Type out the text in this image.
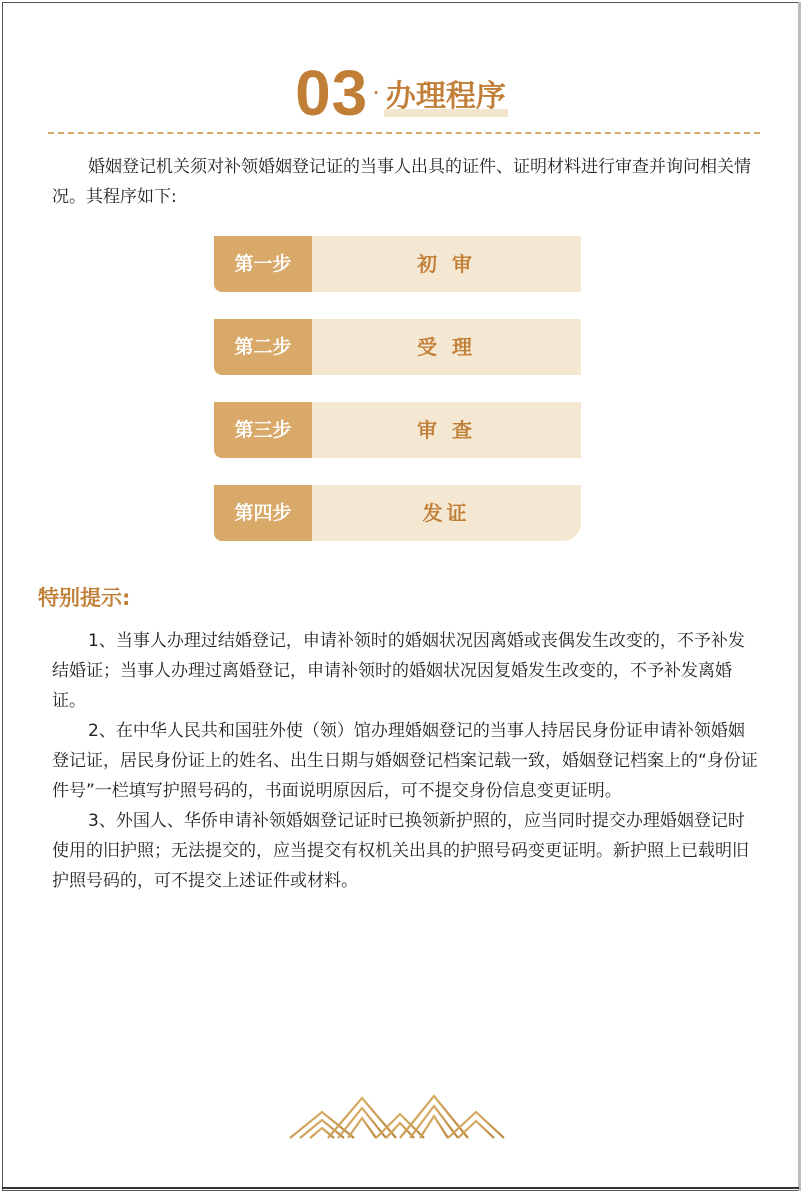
03 · 办理程序

婚姻登记机关须对补领婚姻登记证的当事人出具的证件、证明材料进行审查并询问相关情况。其程序如下:

第一步	初 审
第二步	受 理
第三步	审 查
第四步	发证
特别提示:

1、当事人办理过结婚登记，申请补领时的婚姻状况因离婚或丧偶发生改变的，不予补发结婚证；当事人办理过离婚登记，申请补领时的婚姻状况因复婚发生改变的，不予补发离婚证。

2、在中华人民共和国驻外使（领）馆办理婚姻登记的当事人持居民身份证申请补领婚姻登记证，居民身份证上的姓名、出生日期与婚姻登记档案记载一致，婚姻登记档案上的“身份证件号”一栏填写护照号码的，书面说明原因后，可不提交身份信息变更证明。

3、外国人、华侨申请补领婚姻登记证时已换领新护照的，应当同时提交办理婚姻登记时使用的旧护照；无法提交的，应当提交有权机关出具的护照号码变更证明。新护照上已载明旧护照号码的，可不提交上述证件或材料。
